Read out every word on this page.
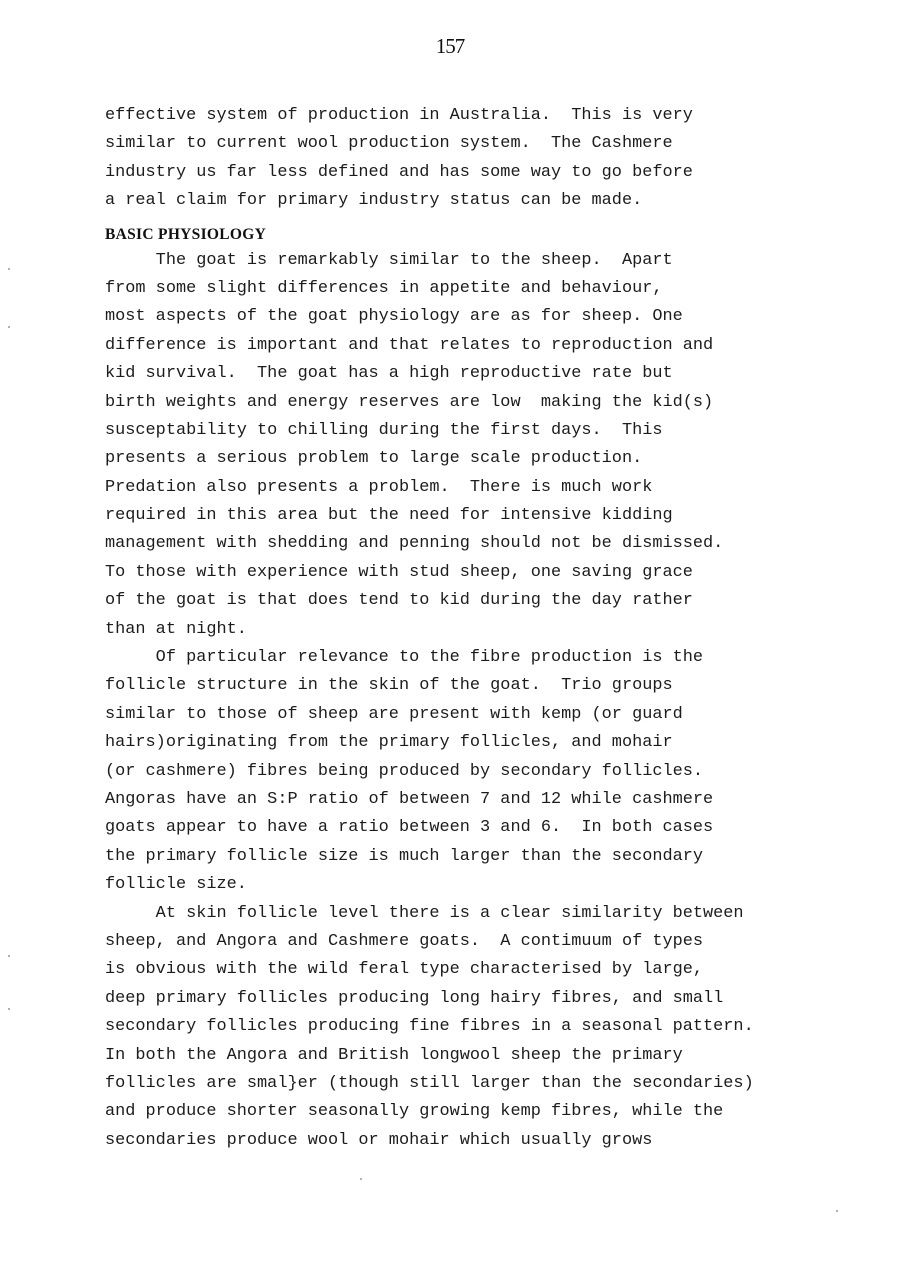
157
effective system of production in Australia.  This is very
similar to current wool production system.  The Cashmere
industry us far less defined and has some way to go before
a real claim for primary industry status can be made.
BASIC PHYSIOLOGY
The goat is remarkably similar to the sheep.  Apart
from some slight differences in appetite and behaviour,
most aspects of the goat physiology are as for sheep. One
difference is important and that relates to reproduction and
kid survival.  The goat has a high reproductive rate but
birth weights and energy reserves are low  making the kid(s)
susceptability to chilling during the first days.  This
presents a serious problem to large scale production.
Predation also presents a problem.  There is much work
required in this area but the need for intensive kidding
management with shedding and penning should not be dismissed.
To those with experience with stud sheep, one saving grace
of the goat is that does tend to kid during the day rather
than at night.
Of particular relevance to the fibre production is the
follicle structure in the skin of the goat.  Trio groups
similar to those of sheep are present with kemp (or guard
hairs)originating from the primary follicles, and mohair
(or cashmere) fibres being produced by secondary follicles.
Angoras have an S:P ratio of between 7 and 12 while cashmere
goats appear to have a ratio between 3 and 6.  In both cases
the primary follicle size is much larger than the secondary
follicle size.
At skin follicle level there is a clear similarity between
sheep, and Angora and Cashmere goats.  A contimuum of types
is obvious with the wild feral type characterised by large,
deep primary follicles producing long hairy fibres, and small
secondary follicles producing fine fibres in a seasonal pattern.
In both the Angora and British longwool sheep the primary
follicles are smal}er (though still larger than the secondaries)
and produce shorter seasonally growing kemp fibres, while the
secondaries produce wool or mohair which usually grows
